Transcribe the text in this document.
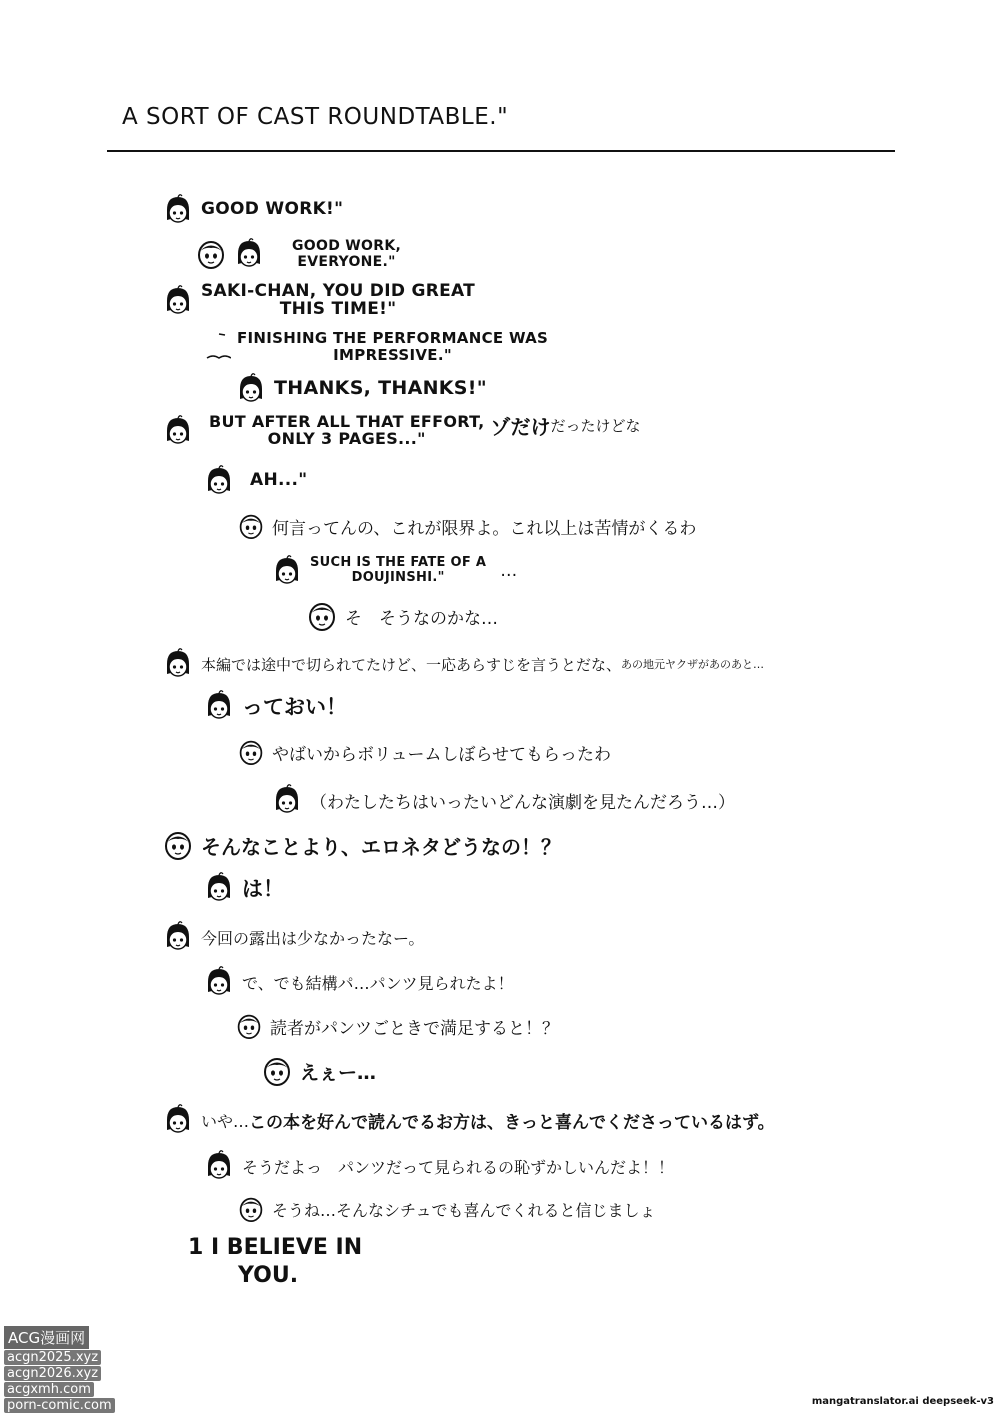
A SORT OF CAST ROUNDTABLE."
GOOD WORK!"
GOOD WORK,
EVERYONE."
SAKI-CHAN, YOU DID GREAT
THIS TIME!"
FINISHING THE PERFORMANCE WAS
IMPRESSIVE."
THANKS, THANKS!"
BUT AFTER ALL THAT EFFORT,
ONLY 3 PAGES..."	ゾだけ だったけどな
AH..."
何言ってんの、これが限界よ。これ以上は苦情がくるわ
SUCH IS THE FATE OF A
DOUJINSHI."	…
そ　そうなのかな…
本編では途中で切られてたけど、一応あらすじを言うとだな、 あの地元ヤクザがあのあと…
っておい！
やばいからボリュームしぼらせてもらったわ
（わたしたちはいったいどんな演劇を見たんだろう…）
そんなことより、エロネタどうなの！？
は！
今回の露出は少なかったなー。
で、でも結構パ…パンツ見られたよ！
読者がパンツごときで満足すると！？
えぇー…
いや… この本を好んで読んでるお方は、きっと喜んでくださっているはず。
そうだよっ　パンツだって見られるの恥ずかしいんだよ！！
そうね…そんなシチュでも喜んでくれると信じましょ
1 I BELIEVE IN
YOU.
ACG漫画网
acgn2025.xyz
acgn2026.xyz
acgxmh.com
porn-comic.com	mangatranslator.ai deepseek-v3
